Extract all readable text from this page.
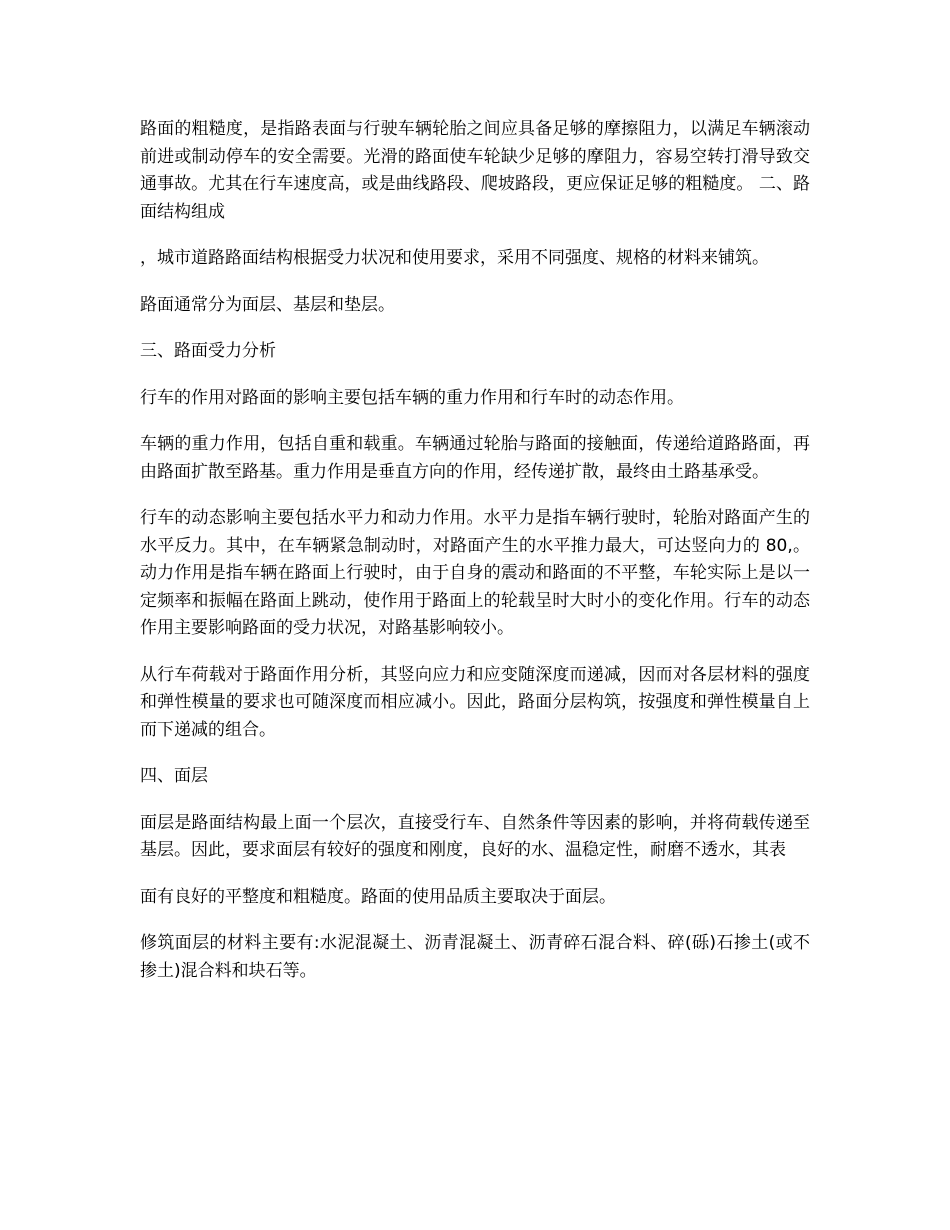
路面的粗糙度，是指路表面与行驶车辆轮胎之间应具备足够的摩擦阻力，以满足车辆滚动前进或制动停车的安全需要。光滑的路面使车轮缺少足够的摩阻力，容易空转打滑导致交通事故。尤其在行车速度高，或是曲线路段、爬坡路段，更应保证足够的粗糙度。 二、路面结构组成

，城市道路路面结构根据受力状况和使用要求，采用不同强度、规格的材料来铺筑。

路面通常分为面层、基层和垫层。

三、路面受力分析

行车的作用对路面的影响主要包括车辆的重力作用和行车时的动态作用。

车辆的重力作用，包括自重和载重。车辆通过轮胎与路面的接触面，传递给道路路面，再由路面扩散至路基。重力作用是垂直方向的作用，经传递扩散，最终由土路基承受。

行车的动态影响主要包括水平力和动力作用。水平力是指车辆行驶时，轮胎对路面产生的水平反力。其中，在车辆紧急制动时，对路面产生的水平推力最大，可达竖向力的 80,。动力作用是指车辆在路面上行驶时，由于自身的震动和路面的不平整，车轮实际上是以一定频率和振幅在路面上跳动，使作用于路面上的轮载呈时大时小的变化作用。行车的动态作用主要影响路面的受力状况，对路基影响较小。

从行车荷载对于路面作用分析，其竖向应力和应变随深度而递减，因而对各层材料的强度和弹性模量的要求也可随深度而相应减小。因此，路面分层构筑，按强度和弹性模量自上而下递减的组合。

四、面层

面层是路面结构最上面一个层次，直接受行车、自然条件等因素的影响，并将荷载传递至基层。因此，要求面层有较好的强度和刚度，良好的水、温稳定性，耐磨不透水，其表

面有良好的平整度和粗糙度。路面的使用品质主要取决于面层。

修筑面层的材料主要有:水泥混凝土、沥青混凝土、沥青碎石混合料、碎(砾)石掺土(或不掺土)混合料和块石等。
